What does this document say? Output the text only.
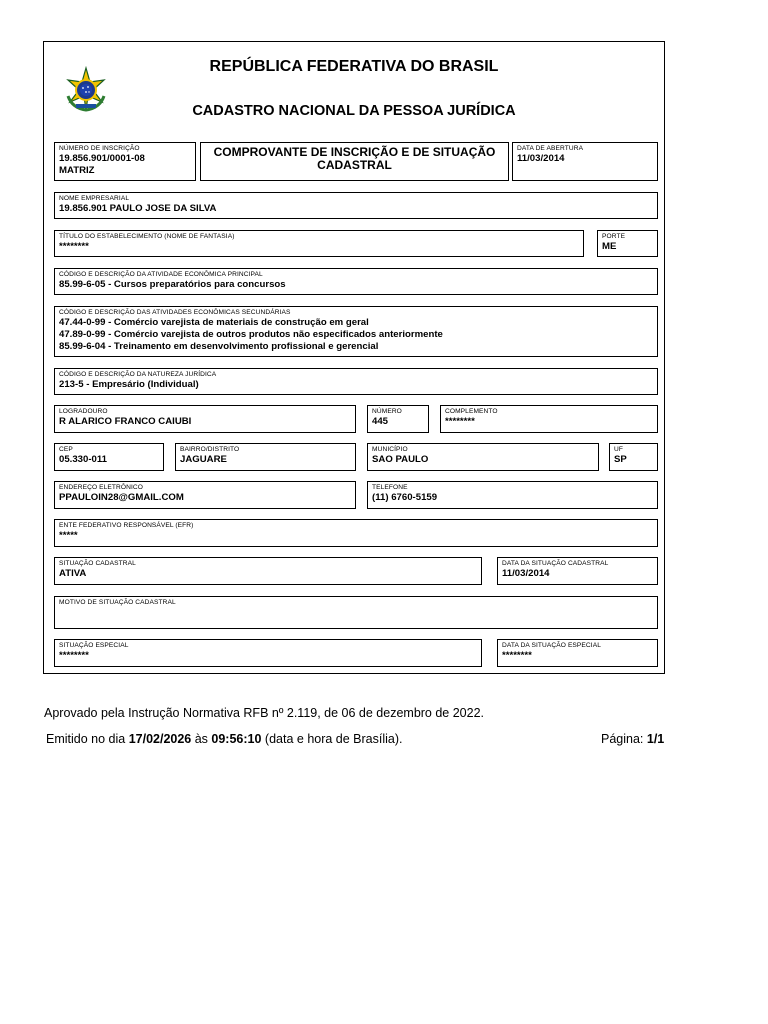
REPÚBLICA FEDERATIVA DO BRASIL
CADASTRO NACIONAL DA PESSOA JURÍDICA
NÚMERO DE INSCRIÇÃO
19.856.901/0001-08
MATRIZ
COMPROVANTE DE INSCRIÇÃO E DE SITUAÇÃO
CADASTRAL
DATA DE ABERTURA
11/03/2014
NOME EMPRESARIAL
19.856.901 PAULO JOSE DA SILVA
TÍTULO DO ESTABELECIMENTO (NOME DE FANTASIA)
********
PORTE
ME
CÓDIGO E DESCRIÇÃO DA ATIVIDADE ECONÔMICA PRINCIPAL
85.99-6-05 - Cursos preparatórios para concursos
CÓDIGO E DESCRIÇÃO DAS ATIVIDADES ECONÔMICAS SECUNDÁRIAS
47.44-0-99 - Comércio varejista de materiais de construção em geral
47.89-0-99 - Comércio varejista de outros produtos não especificados anteriormente
85.99-6-04 - Treinamento em desenvolvimento profissional e gerencial
CÓDIGO E DESCRIÇÃO DA NATUREZA JURÍDICA
213-5 - Empresário (Individual)
LOGRADOURO
R ALARICO FRANCO CAIUBI
NÚMERO
445
COMPLEMENTO
********
CEP
05.330-011
BAIRRO/DISTRITO
JAGUARE
MUNICÍPIO
SAO PAULO
UF
SP
ENDEREÇO ELETRÔNICO
PPAULOIN28@GMAIL.COM
TELEFONE
(11) 6760-5159
ENTE FEDERATIVO RESPONSÁVEL (EFR)
*****
SITUAÇÃO CADASTRAL
ATIVA
DATA DA SITUAÇÃO CADASTRAL
11/03/2014
MOTIVO DE SITUAÇÃO CADASTRAL
SITUAÇÃO ESPECIAL
********
DATA DA SITUAÇÃO ESPECIAL
********
Aprovado pela Instrução Normativa RFB nº 2.119, de 06 de dezembro de 2022.
Emitido no dia 17/02/2026 às 09:56:10 (data e hora de Brasília).	Página: 1/1
